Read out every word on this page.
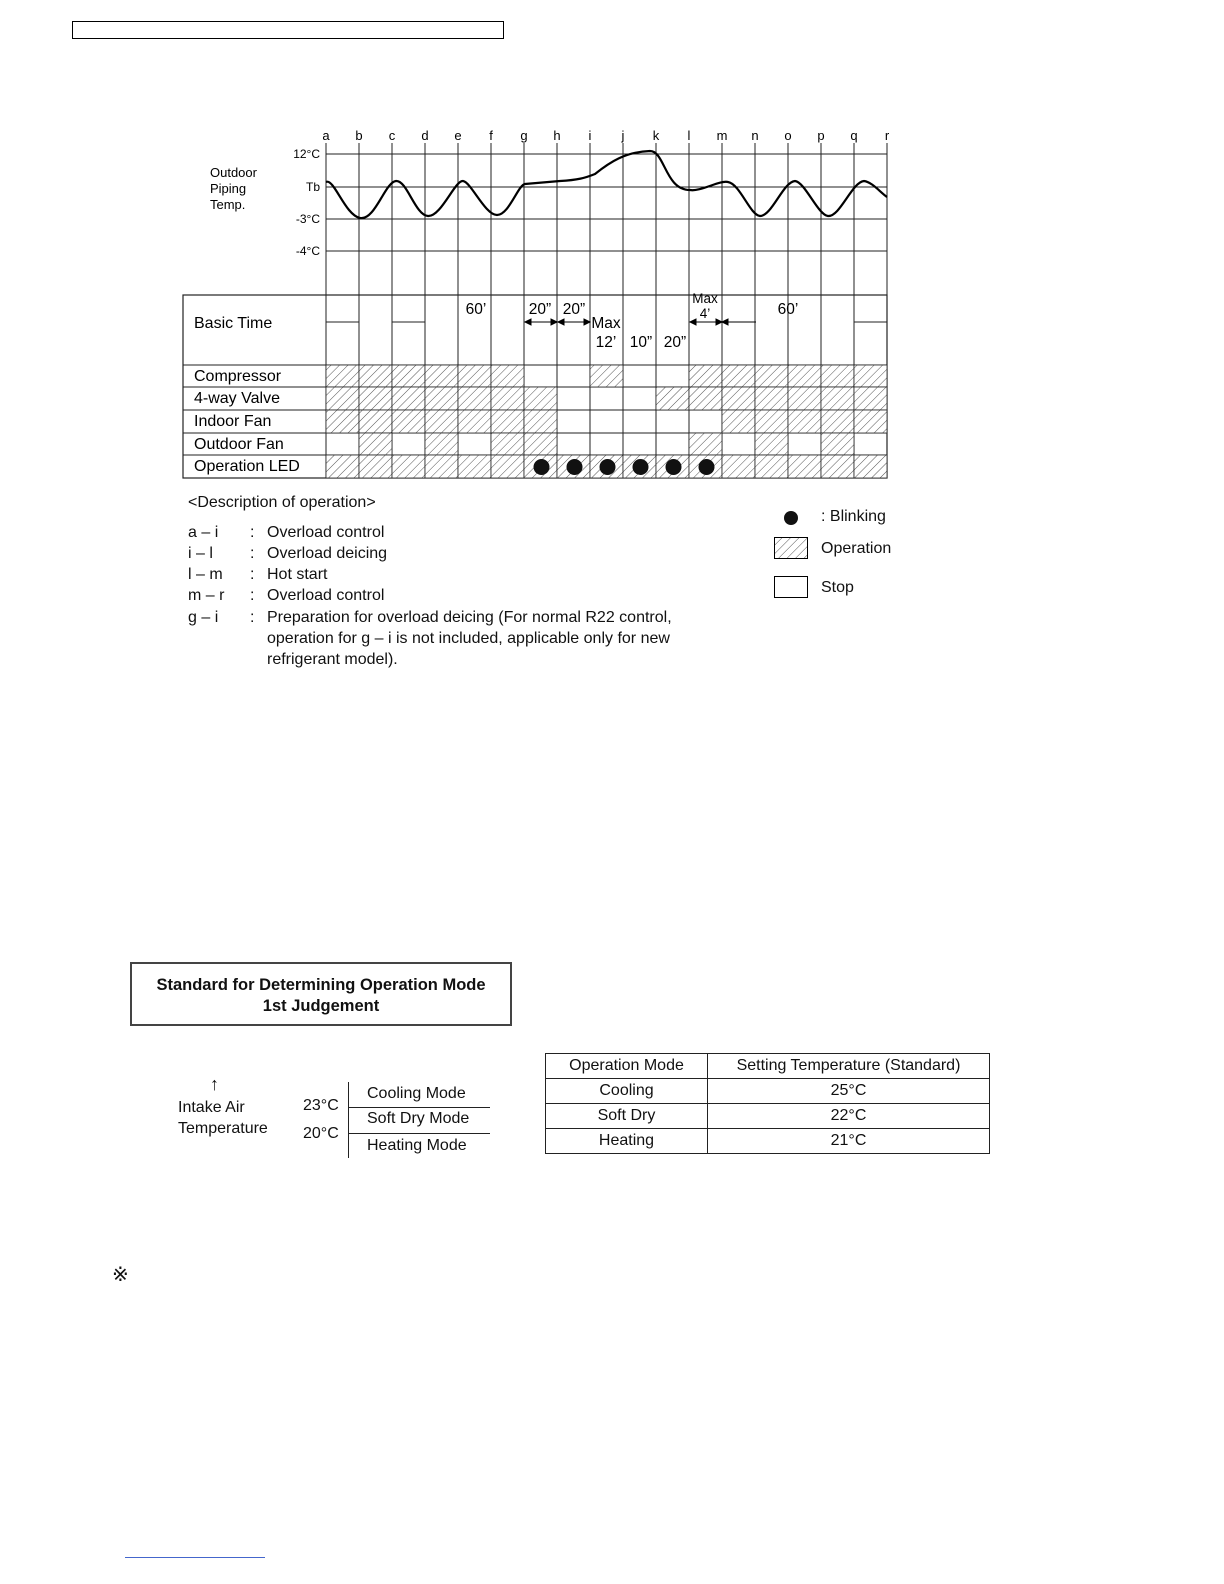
a b c d e f g h i j k l m n o p q r
12°C
Tb
-3°C
-4°C
Outdoor
Piping
Temp.
Basic Time
60’	20” 20”
Max
12’ 10” 20”
Max
4’	60’
Compressor
4-way Valve
Indoor Fan
Outdoor Fan
Operation LED
<Description of operation>
a – i	: Overload control
i – l	: Overload deicing
l – m	: Hot start
m – r	: Overload control
g – i	: Preparation for overload deicing (For normal R22 control, operation for g – i is not included, applicable only for new refrigerant model).
: Blinking
Operation
Stop
Standard for Determining Operation Mode
1st Judgement
↑
Intake Air
Temperature
23°C
20°C
Cooling Mode
Soft Dry Mode
Heating Mode
Operation Mode	Setting Temperature (Standard)
Cooling	25°C
Soft Dry	22°C
Heating	21°C
※
